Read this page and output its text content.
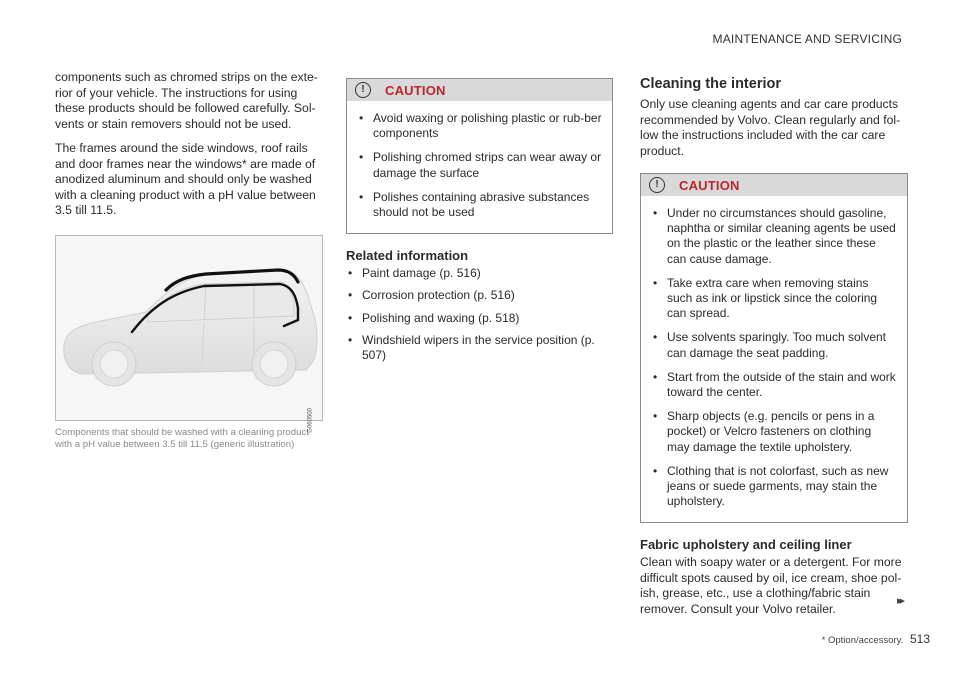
MAINTENANCE AND SERVICING

components such as chromed strips on the exte-rior of your vehicle. The instructions for using these products should be followed carefully. Sol-vents or stain removers should not be used.

The frames around the side windows, roof rails and door frames near the windows* are made of anodized aluminum and should only be washed with a cleaning product with a pH value between 3.5 till 11.5.

G060500
Components that should be washed with a cleaning product with a pH value between 3.5 till 11.5 (generic illustration)
!	CAUTION
• Avoid waxing or polishing plastic or rub-ber components
• Polishing chromed strips can wear away or damage the surface
• Polishes containing abrasive substances should not be used
Related information
• Paint damage (p. 516)
• Corrosion protection (p. 516)
• Polishing and waxing (p. 518)
• Windshield wipers in the service position (p. 507)
Cleaning the interior

Only use cleaning agents and car care products recommended by Volvo. Clean regularly and fol-low the instructions included with the car care product.

!	CAUTION
• Under no circumstances should gasoline, naphtha or similar cleaning agents be used on the plastic or the leather since these can cause damage.
• Take extra care when removing stains such as ink or lipstick since the coloring can spread.
• Use solvents sparingly. Too much solvent can damage the seat padding.
• Start from the outside of the stain and work toward the center.
• Sharp objects (e.g. pencils or pens in a pocket) or Velcro fasteners on clothing may damage the textile upholstery.
• Clothing that is not colorfast, such as new jeans or suede garments, may stain the upholstery.
Fabric upholstery and ceiling liner

Clean with soapy water or a detergent. For more difficult spots caused by oil, ice cream, shoe pol-ish, grease, etc., use a clothing/fabric stain remover. Consult your Volvo retailer.

▸▸
* Option/accessory. 513
